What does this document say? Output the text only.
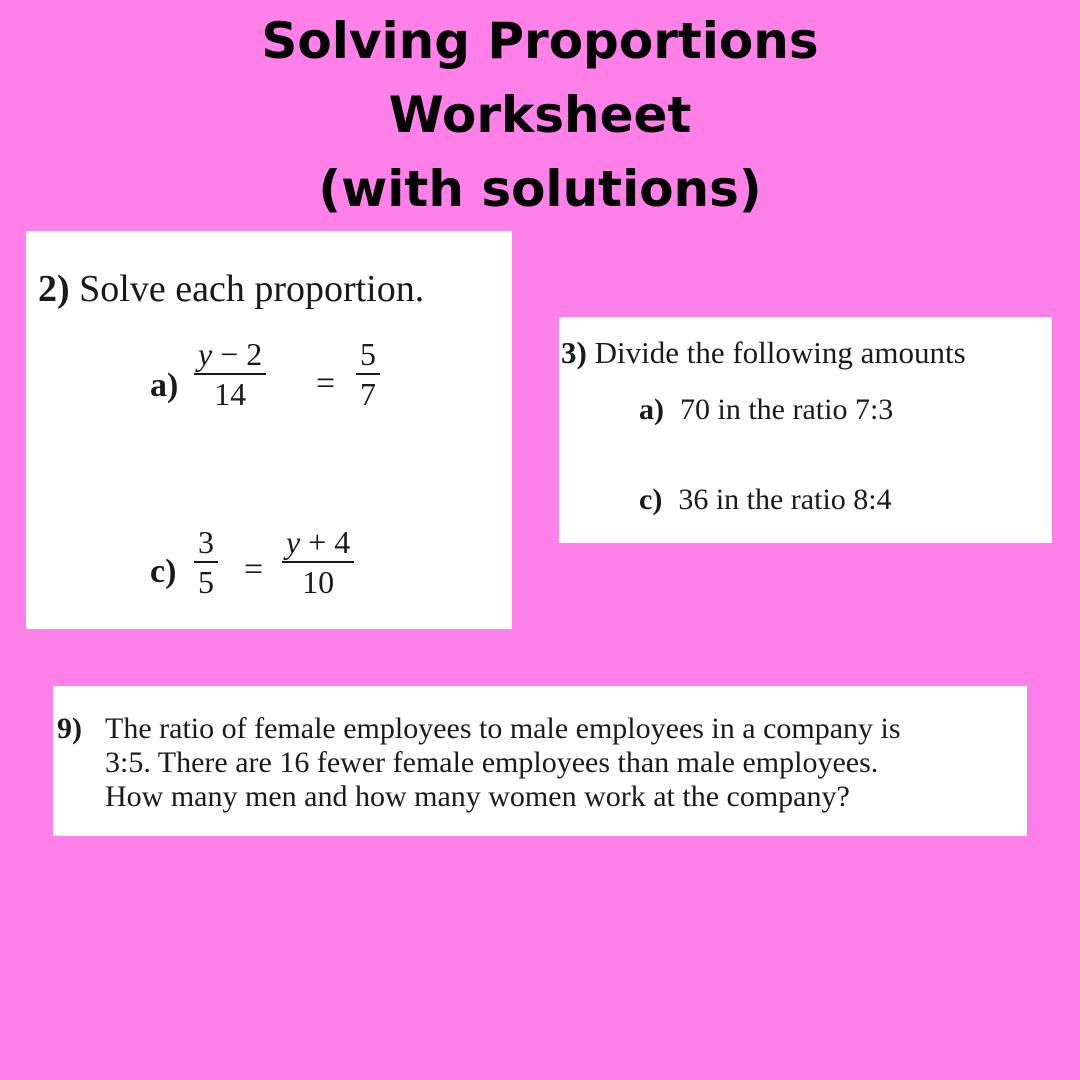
Solving Proportions
Worksheet
(with solutions)
2) Solve each proportion.
a)
y − 2
14 =
5
7
c)
3
5 =
y + 4
10
3) Divide the following amounts
a) 70 in the ratio 7:3
c) 36 in the ratio 8:4
9) The ratio of female employees to male employees in a company is
3:5. There are 16 fewer female employees than male employees.
How many men and how many women work at the company?
